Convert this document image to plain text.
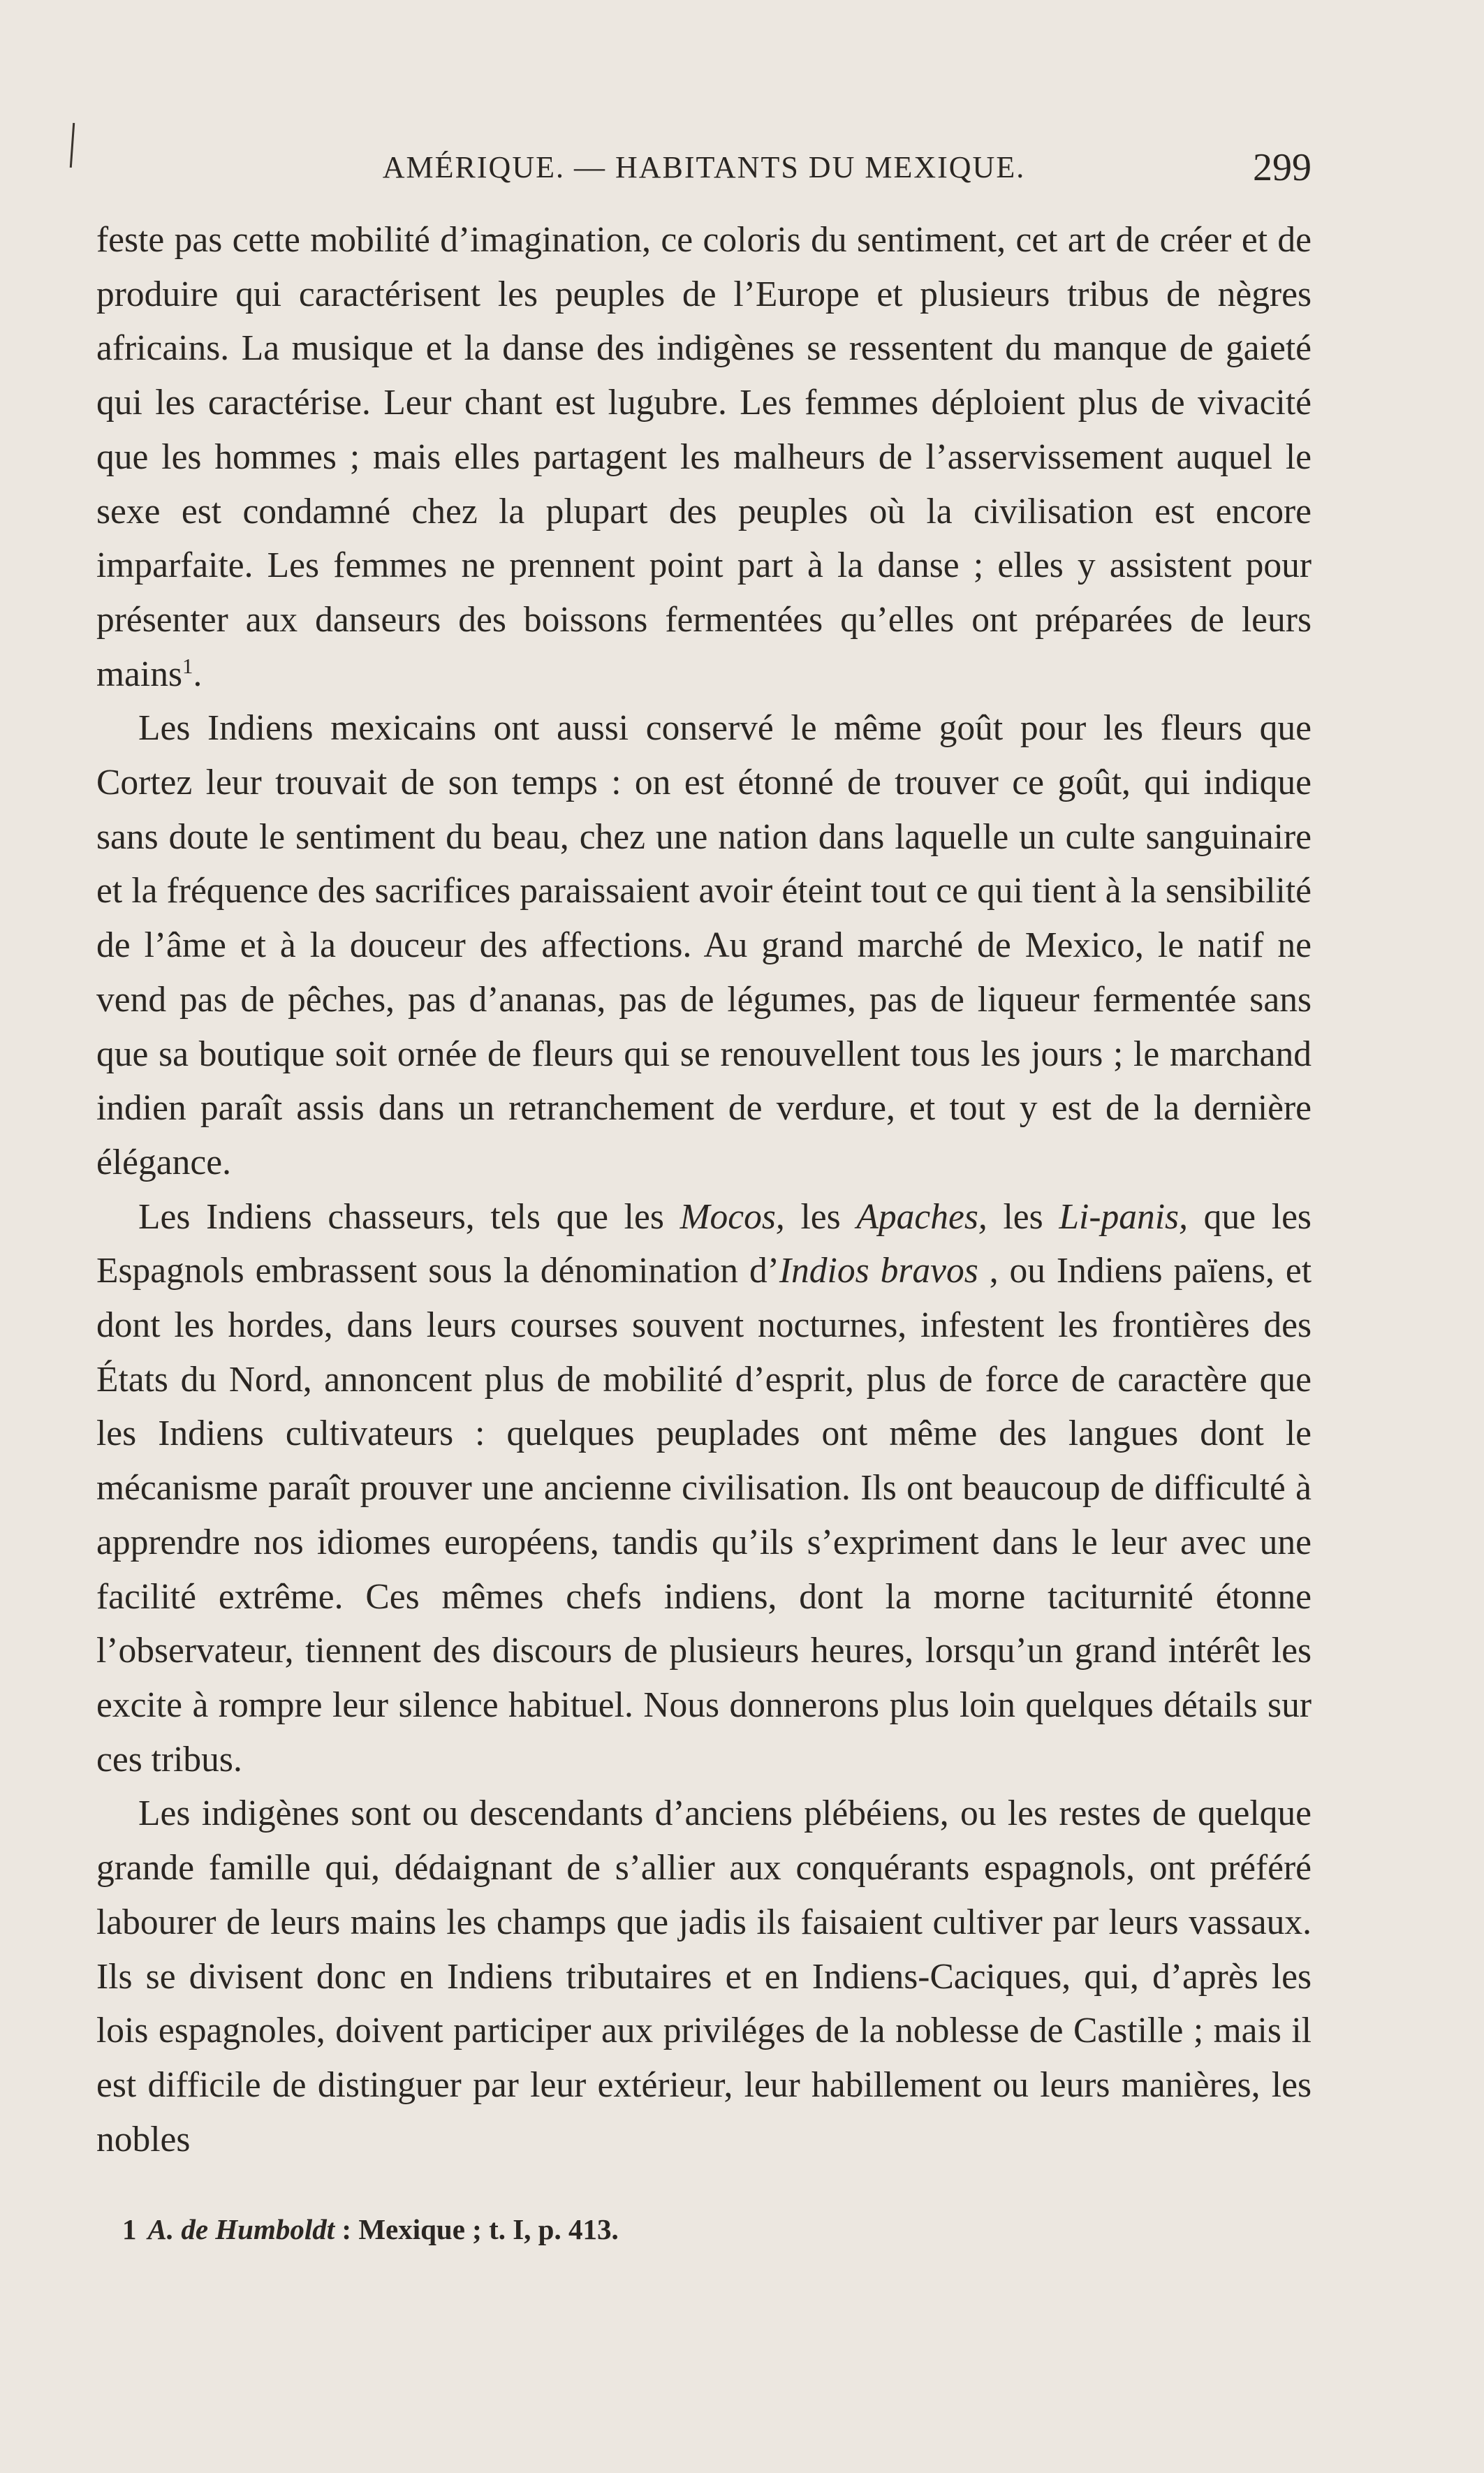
AMÉRIQUE. — HABITANTS DU MEXIQUE.	299

feste pas cette mobilité d’imagination, ce coloris du sentiment, cet art de créer et de produire qui caractérisent les peuples de l’Europe et plusieurs tribus de nègres africains. La musique et la danse des indigènes se ressentent du manque de gaieté qui les caractérise. Leur chant est lugubre. Les femmes déploient plus de vivacité que les hommes ; mais elles partagent les malheurs de l’asservissement auquel le sexe est condamné chez la plupart des peuples où la civilisation est encore imparfaite. Les femmes ne prennent point part à la danse ; elles y assistent pour présenter aux danseurs des boissons fermentées qu’elles ont préparées de leurs mains$^1$.

Les Indiens mexicains ont aussi conservé le même goût pour les fleurs que Cortez leur trouvait de son temps : on est étonné de trouver ce goût, qui indique sans doute le sentiment du beau, chez une nation dans laquelle un culte sanguinaire et la fréquence des sacrifices paraissaient avoir éteint tout ce qui tient à la sensibilité de l’âme et à la douceur des affections. Au grand marché de Mexico, le natif ne vend pas de pêches, pas d’ananas, pas de légumes, pas de liqueur fermentée sans que sa boutique soit ornée de fleurs qui se renouvellent tous les jours ; le marchand indien paraît assis dans un retranchement de verdure, et tout y est de la dernière élégance.

Les Indiens chasseurs, tels que les Mocos, les Apaches, les Li-panis, que les Espagnols embrassent sous la dénomination d’Indios bravos , ou Indiens païens, et dont les hordes, dans leurs courses souvent nocturnes, infestent les frontières des États du Nord, annoncent plus de mobilité d’esprit, plus de force de caractère que les Indiens cultivateurs : quelques peuplades ont même des langues dont le mécanisme paraît prouver une ancienne civilisation. Ils ont beaucoup de difficulté à apprendre nos idiomes européens, tandis qu’ils s’expriment dans le leur avec une facilité extrême. Ces mêmes chefs indiens, dont la morne taciturnité étonne l’observateur, tiennent des discours de plusieurs heures, lorsqu’un grand intérêt les excite à rompre leur silence habituel. Nous donnerons plus loin quelques détails sur ces tribus.

Les indigènes sont ou descendants d’anciens plébéiens, ou les restes de quelque grande famille qui, dédaignant de s’allier aux conquérants espagnols, ont préféré labourer de leurs mains les champs que jadis ils faisaient cultiver par leurs vassaux. Ils se divisent donc en Indiens tributaires et en Indiens-Caciques, qui, d’après les lois espagnoles, doivent participer aux priviléges de la noblesse de Castille ; mais il est difficile de distinguer par leur extérieur, leur habillement ou leurs manières, les nobles

1 A. de Humboldt : Mexique ; t. I, p. 413.
